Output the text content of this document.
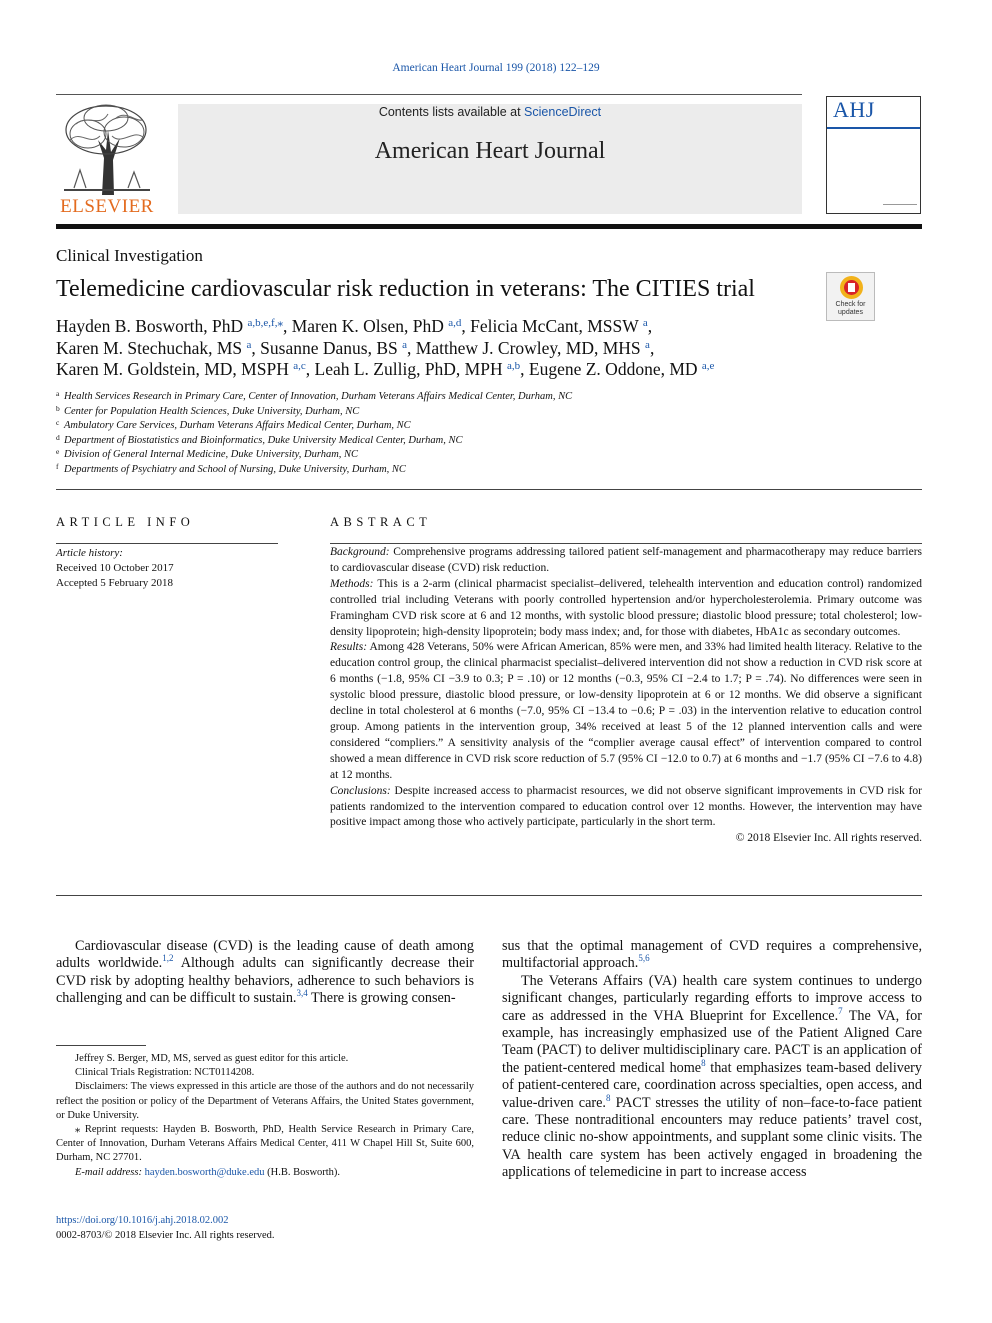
American Heart Journal 199 (2018) 122–129
ELSEVIER
Contents lists available at ScienceDirect
American Heart Journal
AHJ
Clinical Investigation
Telemedicine cardiovascular risk reduction in veterans: The CITIES trial
Check for updates
Hayden B. Bosworth, PhD $^{a,b,e,f,⁎}$, Maren K. Olsen, PhD $^{a,d}$, Felicia McCant, MSSW $^a$,
Karen M. Stechuchak, MS $^a$, Susanne Danus, BS $^a$, Matthew J. Crowley, MD, MHS $^a$,
Karen M. Goldstein, MD, MSPH $^{a,c}$, Leah L. Zullig, PhD, MPH $^{a,b}$, Eugene Z. Oddone, MD $^{a,e}$
a Health Services Research in Primary Care, Center of Innovation, Durham Veterans Affairs Medical Center, Durham, NC
b Center for Population Health Sciences, Duke University, Durham, NC
c Ambulatory Care Services, Durham Veterans Affairs Medical Center, Durham, NC
d Department of Biostatistics and Bioinformatics, Duke University Medical Center, Durham, NC
e Division of General Internal Medicine, Duke University, Durham, NC
f Departments of Psychiatry and School of Nursing, Duke University, Durham, NC
ARTICLE INFO
Article history:
Received 10 October 2017
Accepted 5 February 2018
ABSTRACT

Background: Comprehensive programs addressing tailored patient self-management and pharmacotherapy may reduce barriers to cardiovascular disease (CVD) risk reduction.

Methods: This is a 2-arm (clinical pharmacist specialist–delivered, telehealth intervention and education control) randomized controlled trial including Veterans with poorly controlled hypertension and/or hypercholesterolemia. Primary outcome was Framingham CVD risk score at 6 and 12 months, with systolic blood pressure; diastolic blood pressure; total cholesterol; low-density lipoprotein; high-density lipoprotein; body mass index; and, for those with diabetes, HbA1c as secondary outcomes.

Results: Among 428 Veterans, 50% were African American, 85% were men, and 33% had limited health literacy. Relative to the education control group, the clinical pharmacist specialist–delivered intervention did not show a reduction in CVD risk score at 6 months (−1.8, 95% CI −3.9 to 0.3; P = .10) or 12 months (−0.3, 95% CI −2.4 to 1.7; P = .74). No differences were seen in systolic blood pressure, diastolic blood pressure, or low-density lipoprotein at 6 or 12 months. We did observe a significant decline in total cholesterol at 6 months (−7.0, 95% CI −13.4 to −0.6; P = .03) in the intervention relative to education control group. Among patients in the intervention group, 34% received at least 5 of the 12 planned intervention calls and were considered “compliers.” A sensitivity analysis of the “complier average causal effect” of intervention compared to control showed a mean difference in CVD risk score reduction of 5.7 (95% CI −12.0 to 0.7) at 6 months and −1.7 (95% CI −7.6 to 4.8) at 12 months.

Conclusions: Despite increased access to pharmacist resources, we did not observe significant improvements in CVD risk for patients randomized to the intervention compared to education control over 12 months. However, the intervention may have positive impact among those who actively participate, particularly in the short term.

© 2018 Elsevier Inc. All rights reserved.

Cardiovascular disease (CVD) is the leading cause of death among adults worldwide.$^{1,2}$ Although adults can significantly decrease their CVD risk by adopting healthy behaviors, adherence to such behaviors is challenging and can be difficult to sustain.$^{3,4}$ There is growing consen-

Jeffrey S. Berger, MD, MS, served as guest editor for this article.

Clinical Trials Registration: NCT0114208.

Disclaimers: The views expressed in this article are those of the authors and do not necessarily reflect the position or policy of the Department of Veterans Affairs, the United States government, or Duke University.

⁎ Reprint requests: Hayden B. Bosworth, PhD, Health Service Research in Primary Care, Center of Innovation, Durham Veterans Affairs Medical Center, 411 W Chapel Hill St, Suite 600, Durham, NC 27701.

E-mail address: hayden.bosworth@duke.edu (H.B. Bosworth).

sus that the optimal management of CVD requires a comprehensive, multifactorial approach.$^{5,6}$

The Veterans Affairs (VA) health care system continues to undergo significant changes, particularly regarding efforts to improve access to care as addressed in the VHA Blueprint for Excellence.$^7$ The VA, for example, has increasingly emphasized use of the Patient Aligned Care Team (PACT) to deliver multidisciplinary care. PACT is an application of the patient-centered medical home$^8$ that emphasizes team-based delivery of patient-centered care, coordination across specialties, open access, and value-driven care.$^8$ PACT stresses the utility of non–face-to-face patient care. These nontraditional encounters may reduce patients’ travel cost, reduce clinic no-show appointments, and supplant some clinic visits. The VA health care system has been actively engaged in broadening the applications of telemedicine in part to increase access

https://doi.org/10.1016/j.ahj.2018.02.002
0002-8703/© 2018 Elsevier Inc. All rights reserved.
